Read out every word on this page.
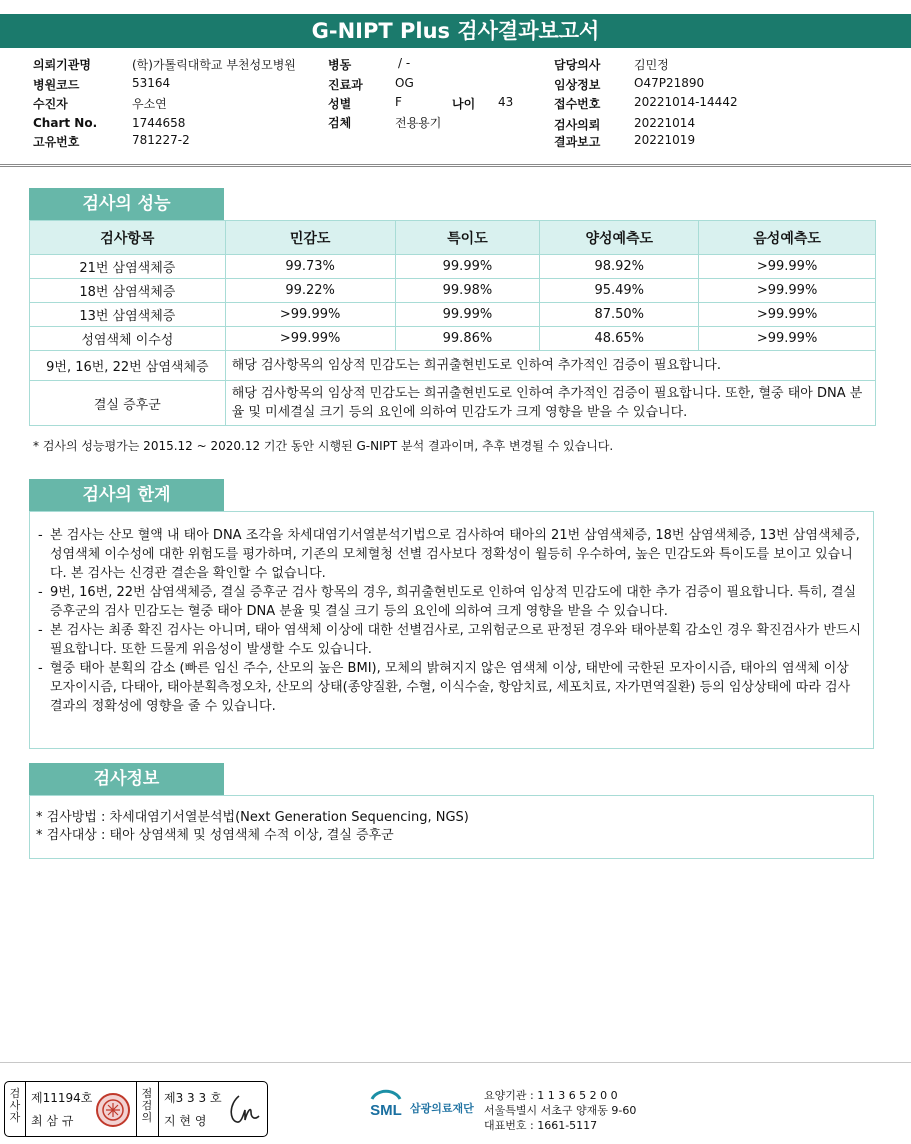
G-NIPT Plus 검사결과보고서
의뢰기관명	(학)가톨릭대학교 부천성모병원
병원코드	53164
수진자	우소연
Chart No.	1744658
고유번호	781227-2
병동	/ -
진료과	OG
성별	F	나이 43
검체	전용용기
담당의사	김민정
임상정보	O47P21890
접수번호	20221014-14442
검사의뢰	20221014
결과보고	20221019
검사의 성능
검사항목	민감도	특이도	양성예측도	음성예측도
21번 삼염색체증	99.73%	99.99%	98.92%	>99.99%
18번 삼염색체증	99.22%	99.98%	95.49%	>99.99%
13번 삼염색체증	>99.99%	99.99%	87.50%	>99.99%
성염색체 이수성	>99.99%	99.86%	48.65%	>99.99%
9번, 16번, 22번 삼염색체증	해당 검사항목의 임상적 민감도는 희귀출현빈도로 인하여 추가적인 검증이 필요합니다.			
결실 증후군	해당 검사항목의 임상적 민감도는 희귀출현빈도로 인하여 추가적인 검증이 필요합니다. 또한, 혈중 태아 DNA 분율 및 미세결실 크기 등의 요인에 의하여 민감도가 크게 영향을 받을 수 있습니다.			
* 검사의 성능평가는 2015.12 ~ 2020.12 기간 동안 시행된 G-NIPT 분석 결과이며, 추후 변경될 수 있습니다.
검사의 한계
- 본 검사는 산모 혈액 내 태아 DNA 조각을 차세대염기서열분석기법으로 검사하여 태아의 21번 삼염색체증, 18번 삼염색체증, 13번 삼염색체증, 성염색체 이수성에 대한 위험도를 평가하며, 기존의 모체혈청 선별 검사보다 정확성이 월등히 우수하여, 높은 민감도와 특이도를 보이고 있습니다. 본 검사는 신경관 결손을 확인할 수 없습니다.

- 9번, 16번, 22번 삼염색체증, 결실 증후군 검사 항목의 경우, 희귀출현빈도로 인하여 임상적 민감도에 대한 추가 검증이 필요합니다. 특히, 결실 증후군의 검사 민감도는 혈중 태아 DNA 분율 및 결실 크기 등의 요인에 의하여 크게 영향을 받을 수 있습니다.

- 본 검사는 최종 확진 검사는 아니며, 태아 염색체 이상에 대한 선별검사로, 고위험군으로 판정된 경우와 태아분획 감소인 경우 확진검사가 반드시 필요합니다. 또한 드물게 위음성이 발생할 수도 있습니다.

- 혈중 태아 분획의 감소 (빠른 임신 주수, 산모의 높은 BMI), 모체의 밝혀지지 않은 염색체 이상, 태반에 국한된 모자이시즘, 태아의 염색체 이상 모자이시즘, 다태아, 태아분획측정오차, 산모의 상태(종양질환, 수혈, 이식수술, 항암치료, 세포치료, 자가면역질환) 등의 임상상태에 따라 검사결과의 정확성에 영향을 줄 수 있습니다.

검사정보
* 검사방법 : 차세대염기서열분석법(Next Generation Sequencing, NGS)
* 검사대상 : 태아 상염색체 및 성염색체 수적 이상, 결실 증후군
검
사
자
제11194호
최 삼 규
점
검
의
제3 3 3 호
지 현 영
SML 삼광의료재단
요양기관 : 1 1 3 6 5 2 0 0
서울특별시 서초구 양재동 9-60
대표번호 : 1661-5117
